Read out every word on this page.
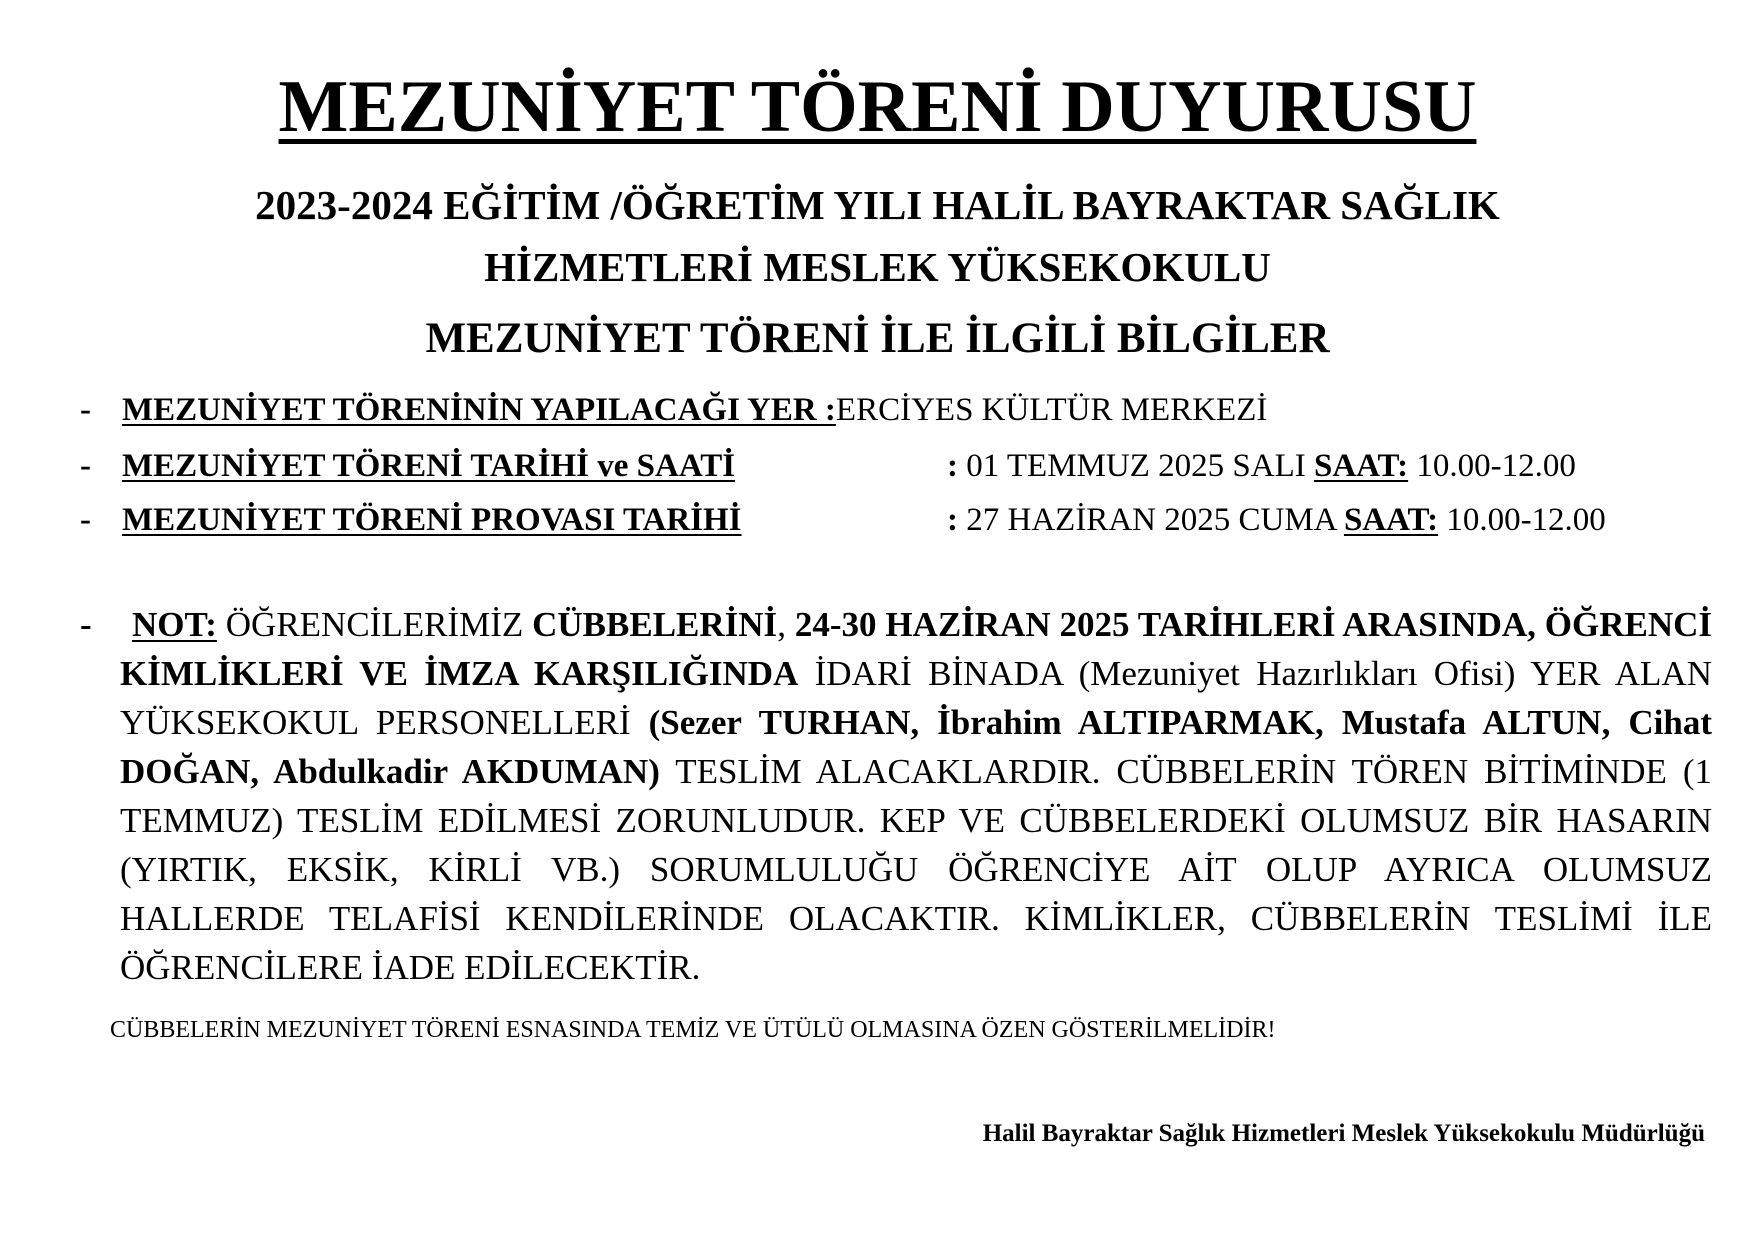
MEZUNİYET TÖRENİ DUYURUSU
2023-2024 EĞİTİM /ÖĞRETİM YILI HALİL BAYRAKTAR SAĞLIK
HİZMETLERİ MESLEK YÜKSEKOKULU
MEZUNİYET TÖRENİ İLE İLGİLİ BİLGİLER
- MEZUNİYET TÖRENİNİN YAPILACAĞI YER :ERCİYES KÜLTÜR MERKEZİ
- MEZUNİYET TÖRENİ TARİHİ ve SAATİ	: 01 TEMMUZ 2025 SALI SAAT: 10.00-12.00
- MEZUNİYET TÖRENİ PROVASI TARİHİ	: 27 HAZİRAN 2025 CUMA SAAT: 10.00-12.00
-	NOT: ÖĞRENCİLERİMİZ CÜBBELERİNİ, 24-30 HAZİRAN 2025 TARİHLERİ ARASINDA, ÖĞRENCİ KİMLİKLERİ VE İMZA KARŞILIĞINDA İDARİ BİNADA (Mezuniyet Hazırlıkları Ofisi) YER ALAN YÜKSEKOKUL PERSONELLERİ (Sezer TURHAN, İbrahim ALTIPARMAK, Mustafa ALTUN, Cihat DOĞAN, Abdulkadir AKDUMAN) TESLİM ALACAKLARDIR. CÜBBELERİN TÖREN BİTİMİNDE (1 TEMMUZ) TESLİM EDİLMESİ ZORUNLUDUR. KEP VE CÜBBELERDEKİ OLUMSUZ BİR HASARIN (YIRTIK, EKSİK, KİRLİ VB.) SORUMLULUĞU ÖĞRENCİYE AİT OLUP AYRICA OLUMSUZ HALLERDE TELAFİSİ KENDİLERİNDE OLACAKTIR. KİMLİKLER, CÜBBELERİN TESLİMİ İLE ÖĞRENCİLERE İADE EDİLECEKTİR.
CÜBBELERİN MEZUNİYET TÖRENİ ESNASINDA TEMİZ VE ÜTÜLÜ OLMASINA ÖZEN GÖSTERİLMELİDİR!
Halil Bayraktar Sağlık Hizmetleri Meslek Yüksekokulu Müdürlüğü
